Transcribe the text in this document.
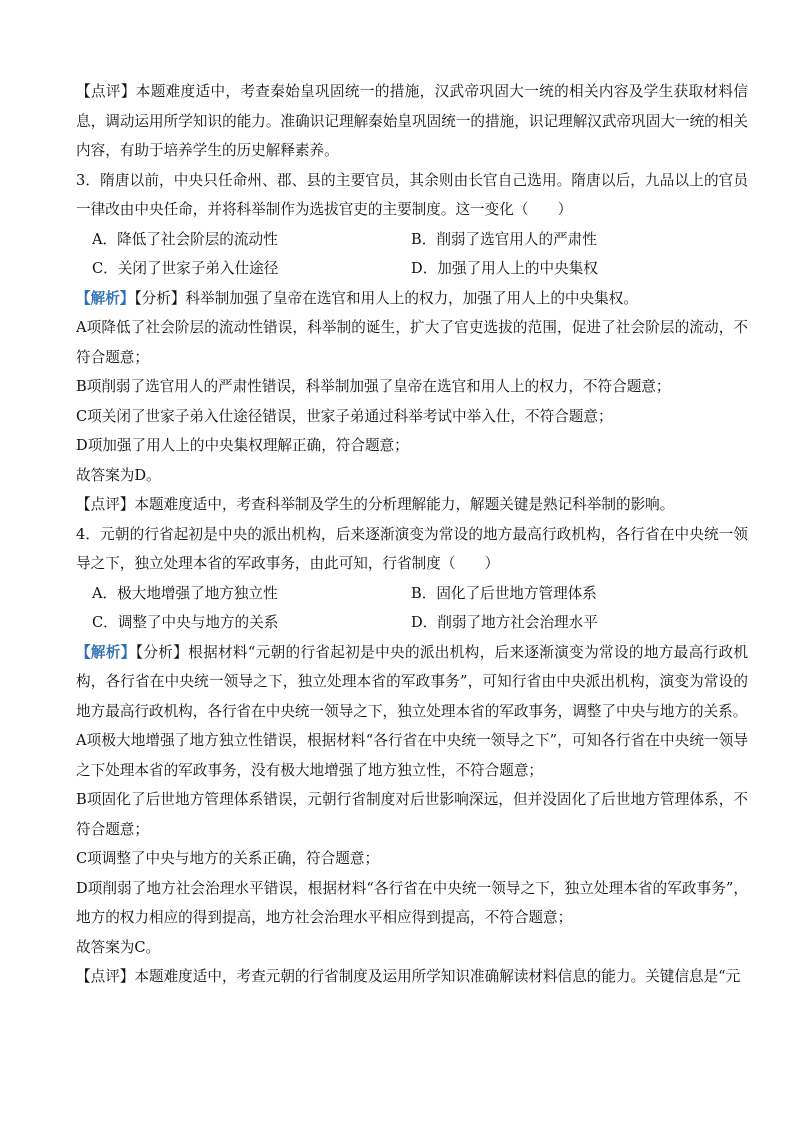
【点评】本题难度适中，考查秦始皇巩固统一的措施，汉武帝巩固大一统的相关内容及学生获取材料信息，调动运用所学知识的能力。准确识记理解秦始皇巩固统一的措施，识记理解汉武帝巩固大一统的相关内容，有助于培养学生的历史解释素养。

3．隋唐以前，中央只任命州、郡、县的主要官员，其余则由长官自己选用。隋唐以后，九品以上的官员一律改由中央任命，并将科举制作为选拔官吏的主要制度。这一变化（　　）

A．降低了社会阶层的流动性	B．削弱了选官用人的严肃性
C．关闭了世家子弟入仕途径	D．加强了用人上的中央集权

【解析】【分析】科举制加强了皇帝在选官和用人上的权力，加强了用人上的中央集权。

A项降低了社会阶层的流动性错误，科举制的诞生，扩大了官吏选拔的范围，促进了社会阶层的流动，不符合题意；

B项削弱了选官用人的严肃性错误，科举制加强了皇帝在选官和用人上的权力，不符合题意；

C项关闭了世家子弟入仕途径错误，世家子弟通过科举考试中举入仕，不符合题意；

D项加强了用人上的中央集权理解正确，符合题意；

故答案为D。

【点评】本题难度适中，考查科举制及学生的分析理解能力，解题关键是熟记科举制的影响。

4．元朝的行省起初是中央的派出机构，后来逐渐演变为常设的地方最高行政机构，各行省在中央统一领导之下，独立处理本省的军政事务，由此可知，行省制度（　　）

A．极大地增强了地方独立性	B．固化了后世地方管理体系
C．调整了中央与地方的关系	D．削弱了地方社会治理水平

【解析】【分析】根据材料“元朝的行省起初是中央的派出机构，后来逐渐演变为常设的地方最高行政机构，各行省在中央统一领导之下，独立处理本省的军政事务”，可知行省由中央派出机构，演变为常设的地方最高行政机构，各行省在中央统一领导之下，独立处理本省的军政事务，调整了中央与地方的关系。

A项极大地增强了地方独立性错误，根据材料“各行省在中央统一领导之下”，可知各行省在中央统一领导之下处理本省的军政事务，没有极大地增强了地方独立性，不符合题意；

B项固化了后世地方管理体系错误，元朝行省制度对后世影响深远，但并没固化了后世地方管理体系，不符合题意；

C项调整了中央与地方的关系正确，符合题意；

D项削弱了地方社会治理水平错误，根据材料“各行省在中央统一领导之下，独立处理本省的军政事务”，地方的权力相应的得到提高，地方社会治理水平相应得到提高，不符合题意；

故答案为C。

【点评】本题难度适中，考查元朝的行省制度及运用所学知识准确解读材料信息的能力。关键信息是“元
